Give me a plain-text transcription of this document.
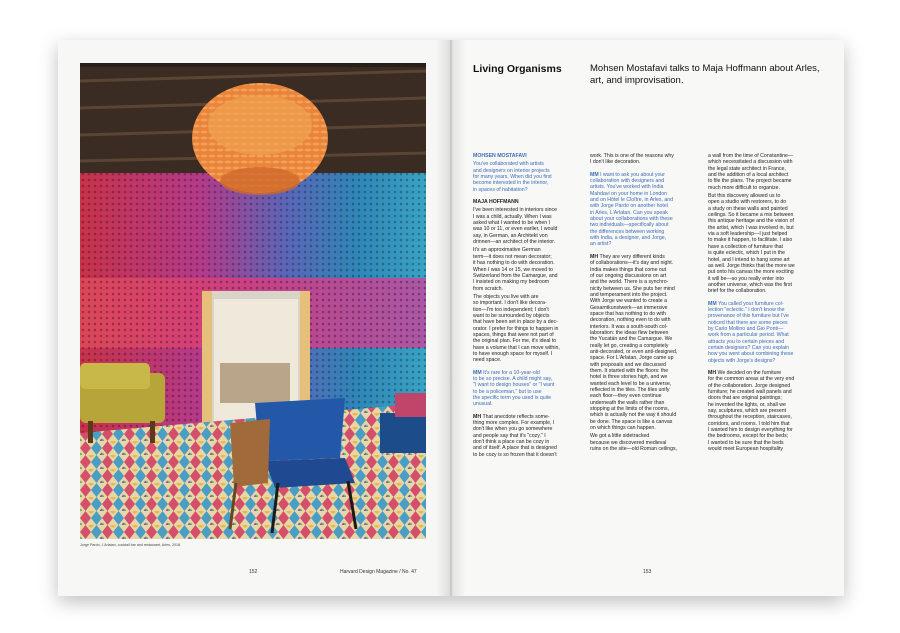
Jorge Pardo, L'Arlatan, cocktail bar and restaurant, Arles, 2018.
152	Harvard Design Magazine / No. 47
Living Organisms	Mohsen Mostafavi talks to Maja Hoffmann about Arles, art, and improvisation.

MOHSEN MOSTAFAVI

You've collaborated with artists
and designers on interior projects
for many years. When did you first
become interested in the interior,
in spaces of habitation?

MAJA HOFFMANN

I've been interested in interiors since
I was a child, actually. When I was
asked what I wanted to be when I
was 10 or 11, or even earlier, I would
say, in German, an Architekt von
drinnen—an architect of the interior.

It's an approximative German
term—it does not mean decorator;
it has nothing to do with decoration.
When I was 14 or 15, we moved to
Switzerland from the Camargue, and
I insisted on making my bedroom
from scratch.

The objects you live with are
so important. I don't like decora-
tion—I'm too independent; I don't
want to be surrounded by objects
that have been set in place by a dec-
orator. I prefer for things to happen in
spaces, things that were not part of
the original plan. For me, it's ideal to
have a volume that I can move within,
to have enough space for myself. I
need space.

MM It's rare for a 10-year-old
to be so precise. A child might say,
"I want to design houses" or "I want
to be a policeman," but to use
the specific term you used is quite
unusual.

MH That anecdote reflects some-
thing more complex. For example, I
don't like when you go somewhere
and people say that it's "cozy." I
don't think a place can be cozy in
and of itself. A place that is designed
to be cozy is so frozen that it doesn't

work. This is one of the reasons why
I don't like decoration.

MM I want to ask you about your
collaboration with designers and
artists. You've worked with India
Mahdavi on your home in London
and on Hôtel le Cloître, in Arles, and
with Jorge Pardo on another hotel
in Arles, L'Arlatan. Can you speak
about your collaborations with these
two individuals—specifically about
the differences between working
with India, a designer, and Jorge,
an artist?

MH They are very different kinds
of collaborations—it's day and night.
India makes things that come out
of our ongoing discussions on art
and the world. There is a synchro-
nicity between us. She puts her mind
and temperament into the project.
With Jorge we wanted to create a
Gesamtkunstwerk—an immersive
space that has nothing to do with
decoration, nothing even to do with
interiors. It was a south-south col-
laboration: the ideas flew between
the Yucatán and the Camargue. We
really let go, creating a completely
anti-decorated, or even anti-designed,
space. For L'Arlatan, Jorge came up
with proposals and we discussed
them. It started with the floors: the
hotel is three stories high, and we
wanted each level to be a universe,
reflected in the tiles. The tiles unify
each floor—they even continue
underneath the walls rather than
stopping at the limits of the rooms,
which is actually not the way it should
be done. The space is like a canvas
on which things can happen.

We got a little sidetracked
because we discovered medieval
ruins on the site—old Roman ceilings,

a wall from the time of Constantine—
which necessitated a discussion with
the legal state architect in France,
and the addition of a local architect
to file the plans. The project became
much more difficult to organize.

But this discovery allowed us to
open a studio with restorers, to do
a study on these walls and painted
ceilings. So it became a mix between
this antique heritage and the vision of
the artist, which I was involved in, but
via a soft leadership—I just helped
to make it happen, to facilitate. I also
have a collection of furniture that
is quite eclectic, which I put in the
hotel, and I intend to hang some art
as well. Jorge thinks that the more we
put onto his canvas the more exciting
it will be—so you really enter into
another universe, which was the first
brief for the collaboration.

MM You called your furniture col-
lection "eclectic." I don't know the
provenance of this furniture but I've
noticed that there are some pieces
by Carlo Mollino and Gio Ponti—
work from a particular period. What
attracts you to certain pieces and
certain designers? Can you explain
how you went about combining these
objects with Jorge's designs?

MH We decided on the furniture
for the common areas at the very end
of the collaboration. Jorge designed
furniture; he created wall panels and
doors that are original paintings;
he invented the lights, or, shall we
say, sculptures, which are present
throughout the reception, staircases,
corridors, and rooms. I told him that
I wanted him to design everything for
the bedrooms, except for the beds;
I wanted to be sure that the beds
would meet European hospitality

153
